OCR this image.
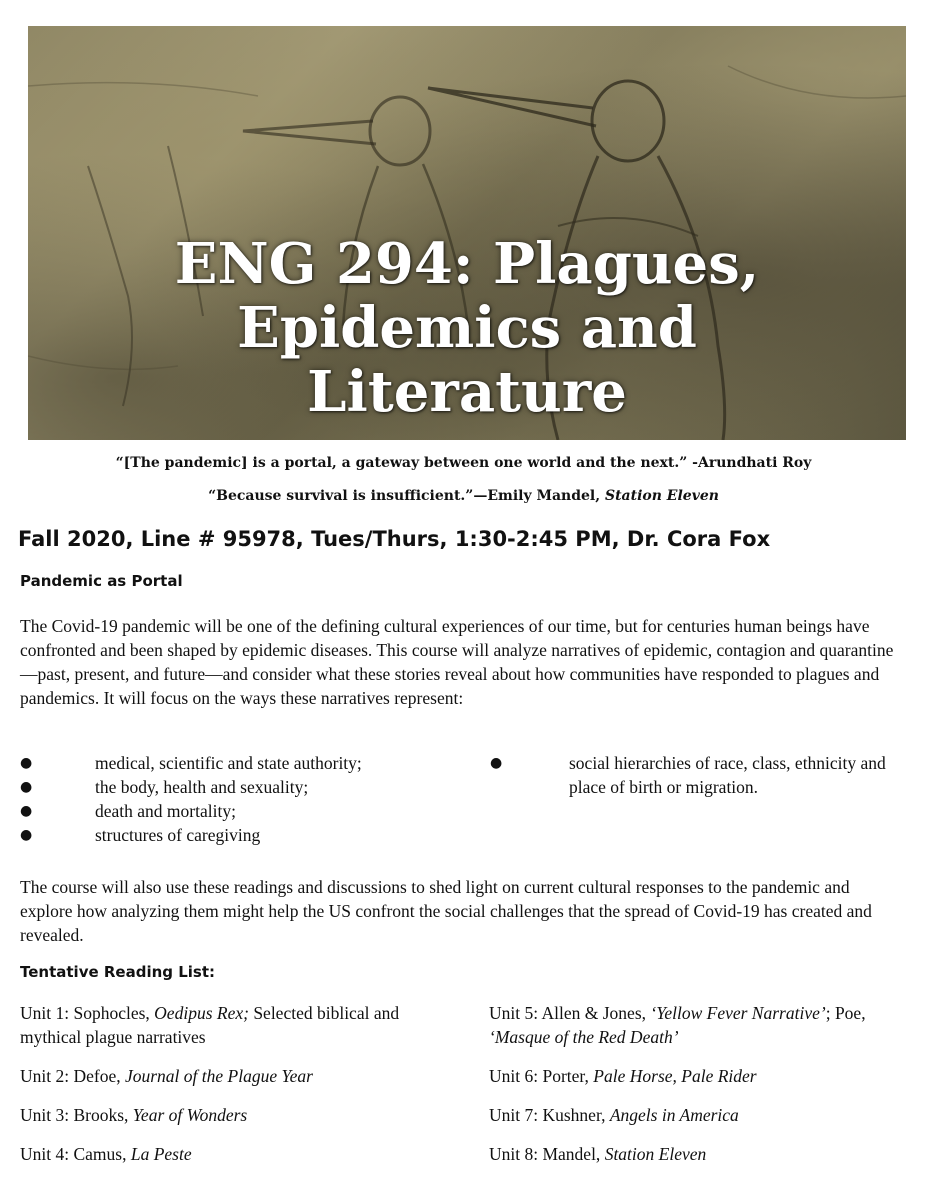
ENG 294: Plagues,
Epidemics and
Literature
“[The pandemic] is a portal, a gateway between one world and the next.” -Arundhati Roy
“Because survival is insufficient.”—Emily Mandel, Station Eleven
Fall 2020, Line # 95978, Tues/Thurs, 1:30-2:45 PM, Dr. Cora Fox
Pandemic as Portal
The Covid-19 pandemic will be one of the defining cultural experiences of our time, but for centuries human beings have confronted and been shaped by epidemic diseases. This course will analyze narratives of epidemic, contagion and quarantine—past, present, and future—and consider what these stories reveal about how communities have responded to plagues and pandemics. It will focus on the ways these narratives represent:
●	medical, scientific and state authority;
●	the body, health and sexuality;
●	death and mortality;
●	structures of caregiving
●	social hierarchies of race, class, ethnicity and place of birth or migration.
The course will also use these readings and discussions to shed light on current cultural responses to the pandemic and explore how analyzing them might help the US confront the social challenges that the spread of Covid-19 has created and revealed.
Tentative Reading List:
Unit 1: Sophocles, Oedipus Rex; Selected biblical and mythical plague narratives
Unit 2: Defoe, Journal of the Plague Year
Unit 3: Brooks, Year of Wonders
Unit 4: Camus, La Peste
Unit 5: Allen & Jones, ‘Yellow Fever Narrative’; Poe, ‘Masque of the Red Death’
Unit 6: Porter, Pale Horse, Pale Rider
Unit 7: Kushner, Angels in America
Unit 8: Mandel, Station Eleven
